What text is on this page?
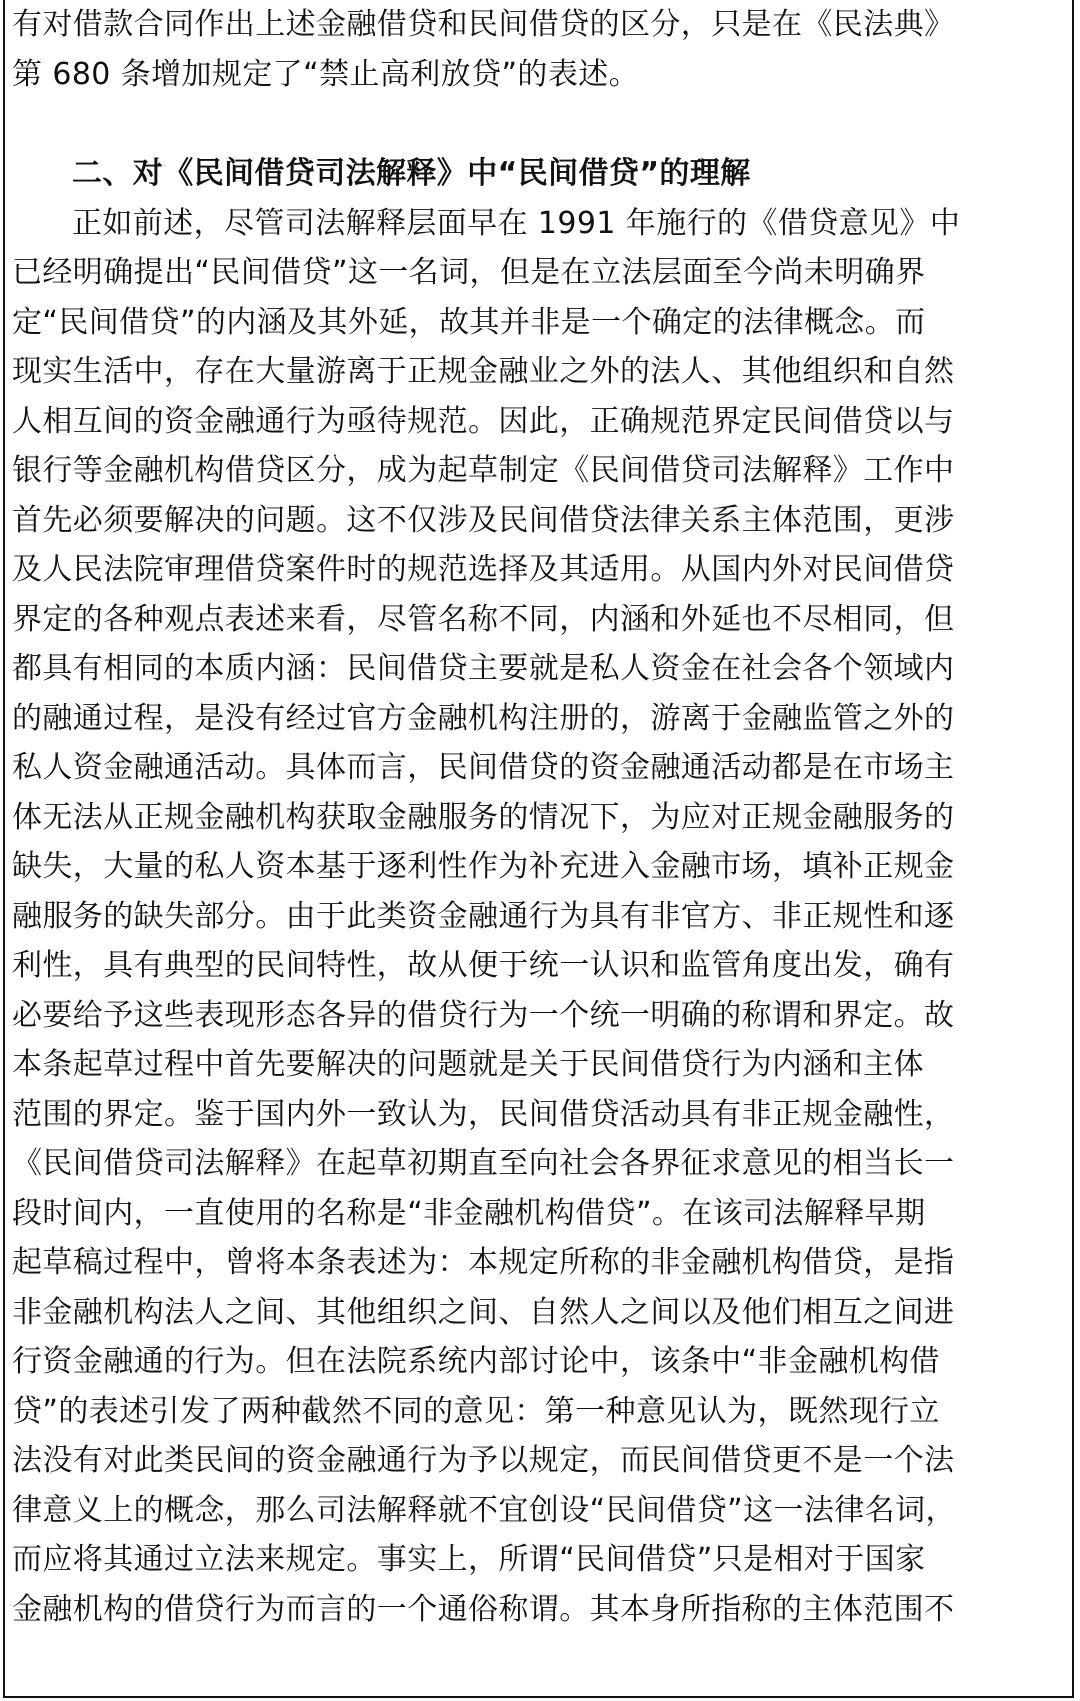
有对借款合同作出上述金融借贷和民间借贷的区分，只是在《民法典》
第 680 条增加规定了“禁止高利放贷”的表述。
二、对《民间借贷司法解释》中“民间借贷”的理解
正如前述，尽管司法解释层面早在 1991 年施行的《借贷意见》中
已经明确提出“民间借贷”这一名词，但是在立法层面至今尚未明确界
定“民间借贷”的内涵及其外延，故其并非是一个确定的法律概念。而
现实生活中，存在大量游离于正规金融业之外的法人、其他组织和自然
人相互间的资金融通行为亟待规范。因此，正确规范界定民间借贷以与
银行等金融机构借贷区分，成为起草制定《民间借贷司法解释》工作中
首先必须要解决的问题。这不仅涉及民间借贷法律关系主体范围，更涉
及人民法院审理借贷案件时的规范选择及其适用。从国内外对民间借贷
界定的各种观点表述来看，尽管名称不同，内涵和外延也不尽相同，但
都具有相同的本质内涵：民间借贷主要就是私人资金在社会各个领域内
的融通过程，是没有经过官方金融机构注册的，游离于金融监管之外的
私人资金融通活动。具体而言，民间借贷的资金融通活动都是在市场主
体无法从正规金融机构获取金融服务的情况下，为应对正规金融服务的
缺失，大量的私人资本基于逐利性作为补充进入金融市场，填补正规金
融服务的缺失部分。由于此类资金融通行为具有非官方、非正规性和逐
利性，具有典型的民间特性，故从便于统一认识和监管角度出发，确有
必要给予这些表现形态各异的借贷行为一个统一明确的称谓和界定。故
本条起草过程中首先要解决的问题就是关于民间借贷行为内涵和主体
范围的界定。鉴于国内外一致认为，民间借贷活动具有非正规金融性，
《民间借贷司法解释》在起草初期直至向社会各界征求意见的相当长一
段时间内，一直使用的名称是“非金融机构借贷”。在该司法解释早期
起草稿过程中，曾将本条表述为：本规定所称的非金融机构借贷，是指
非金融机构法人之间、其他组织之间、自然人之间以及他们相互之间进
行资金融通的行为。但在法院系统内部讨论中，该条中“非金融机构借
贷”的表述引发了两种截然不同的意见：第一种意见认为，既然现行立
法没有对此类民间的资金融通行为予以规定，而民间借贷更不是一个法
律意义上的概念，那么司法解释就不宜创设“民间借贷”这一法律名词，
而应将其通过立法来规定。事实上，所谓“民间借贷”只是相对于国家
金融机构的借贷行为而言的一个通俗称谓。其本身所指称的主体范围不
